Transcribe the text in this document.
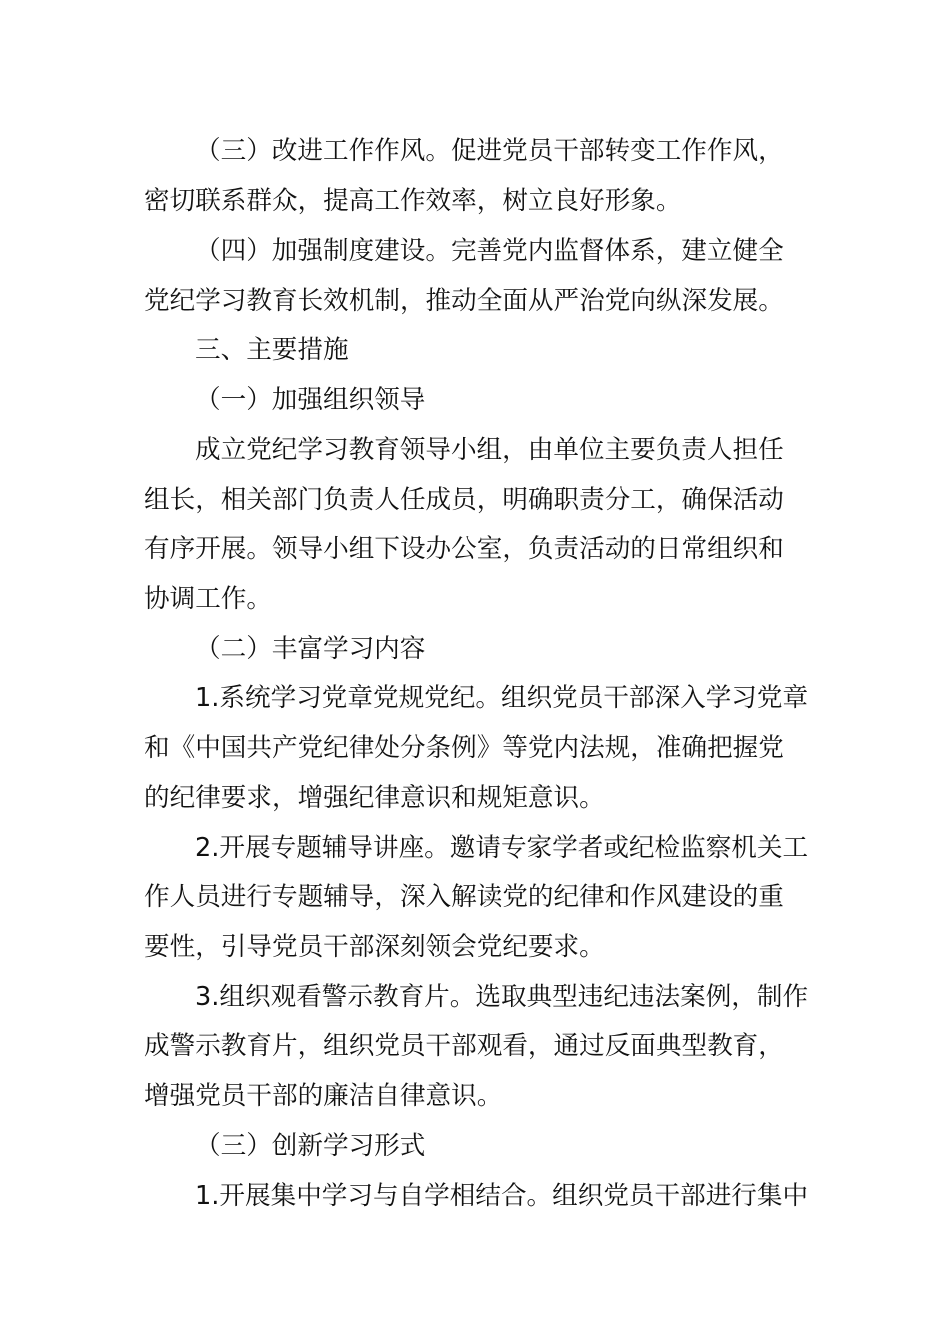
（三）改进工作作风。促进党员干部转变工作作风，
密切联系群众，提高工作效率，树立良好形象。
（四）加强制度建设。完善党内监督体系，建立健全
党纪学习教育长效机制，推动全面从严治党向纵深发展。
三、主要措施
（一）加强组织领导
成立党纪学习教育领导小组，由单位主要负责人担任
组长，相关部门负责人任成员，明确职责分工，确保活动
有序开展。领导小组下设办公室，负责活动的日常组织和
协调工作。
（二）丰富学习内容
1.系统学习党章党规党纪。组织党员干部深入学习党章
和《中国共产党纪律处分条例》等党内法规，准确把握党
的纪律要求，增强纪律意识和规矩意识。
2.开展专题辅导讲座。邀请专家学者或纪检监察机关工
作人员进行专题辅导，深入解读党的纪律和作风建设的重
要性，引导党员干部深刻领会党纪要求。
3.组织观看警示教育片。选取典型违纪违法案例，制作
成警示教育片，组织党员干部观看，通过反面典型教育，
增强党员干部的廉洁自律意识。
（三）创新学习形式
1.开展集中学习与自学相结合。组织党员干部进行集中
